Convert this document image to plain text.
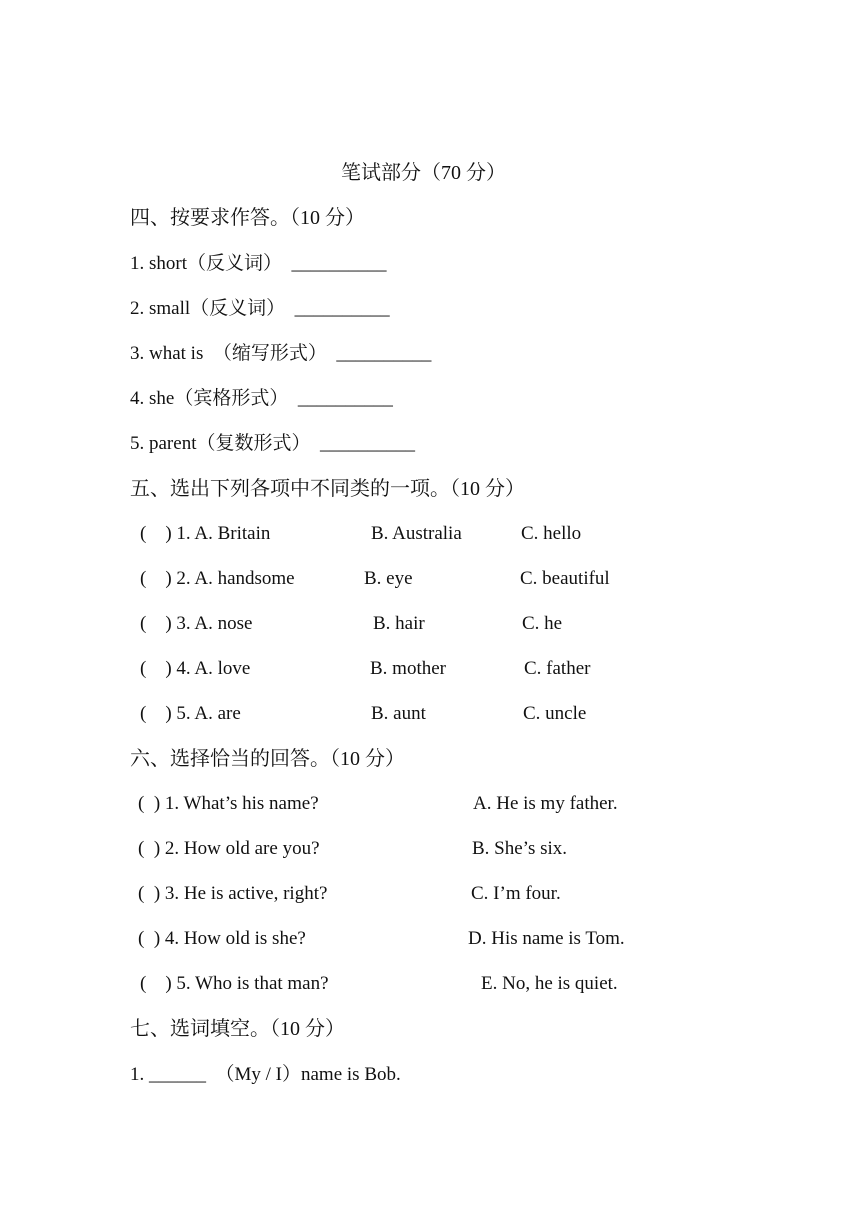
笔试部分（70 分）
四、按要求作答。（10 分）
1. short（反义词）  __________
2. small（反义词）  __________
3. what is  （缩写形式）  __________
4. she（宾格形式）  __________
5. parent（复数形式）  __________
五、选出下列各项中不同类的一项。（10 分）
(    ) 1. A. Britain	B. Australia	C. hello
(    ) 2. A. handsome	B. eye	C. beautiful
(    ) 3. A. nose	B. hair	C. he
(    ) 4. A. love	B. mother	C. father
(    ) 5. A. are	B. aunt	C. uncle
六、选择恰当的回答。（10 分）
(  ) 1. What’s his name?	A. He is my father.
(  ) 2. How old are you?	B. She’s six.
(  ) 3. He is active, right?	C. I’m four.
(  ) 4. How old is she?	D. His name is Tom.
(    ) 5. Who is that man?	E. No, he is quiet.
七、选词填空。（10 分）
1. ______  （My / I）name is Bob.
